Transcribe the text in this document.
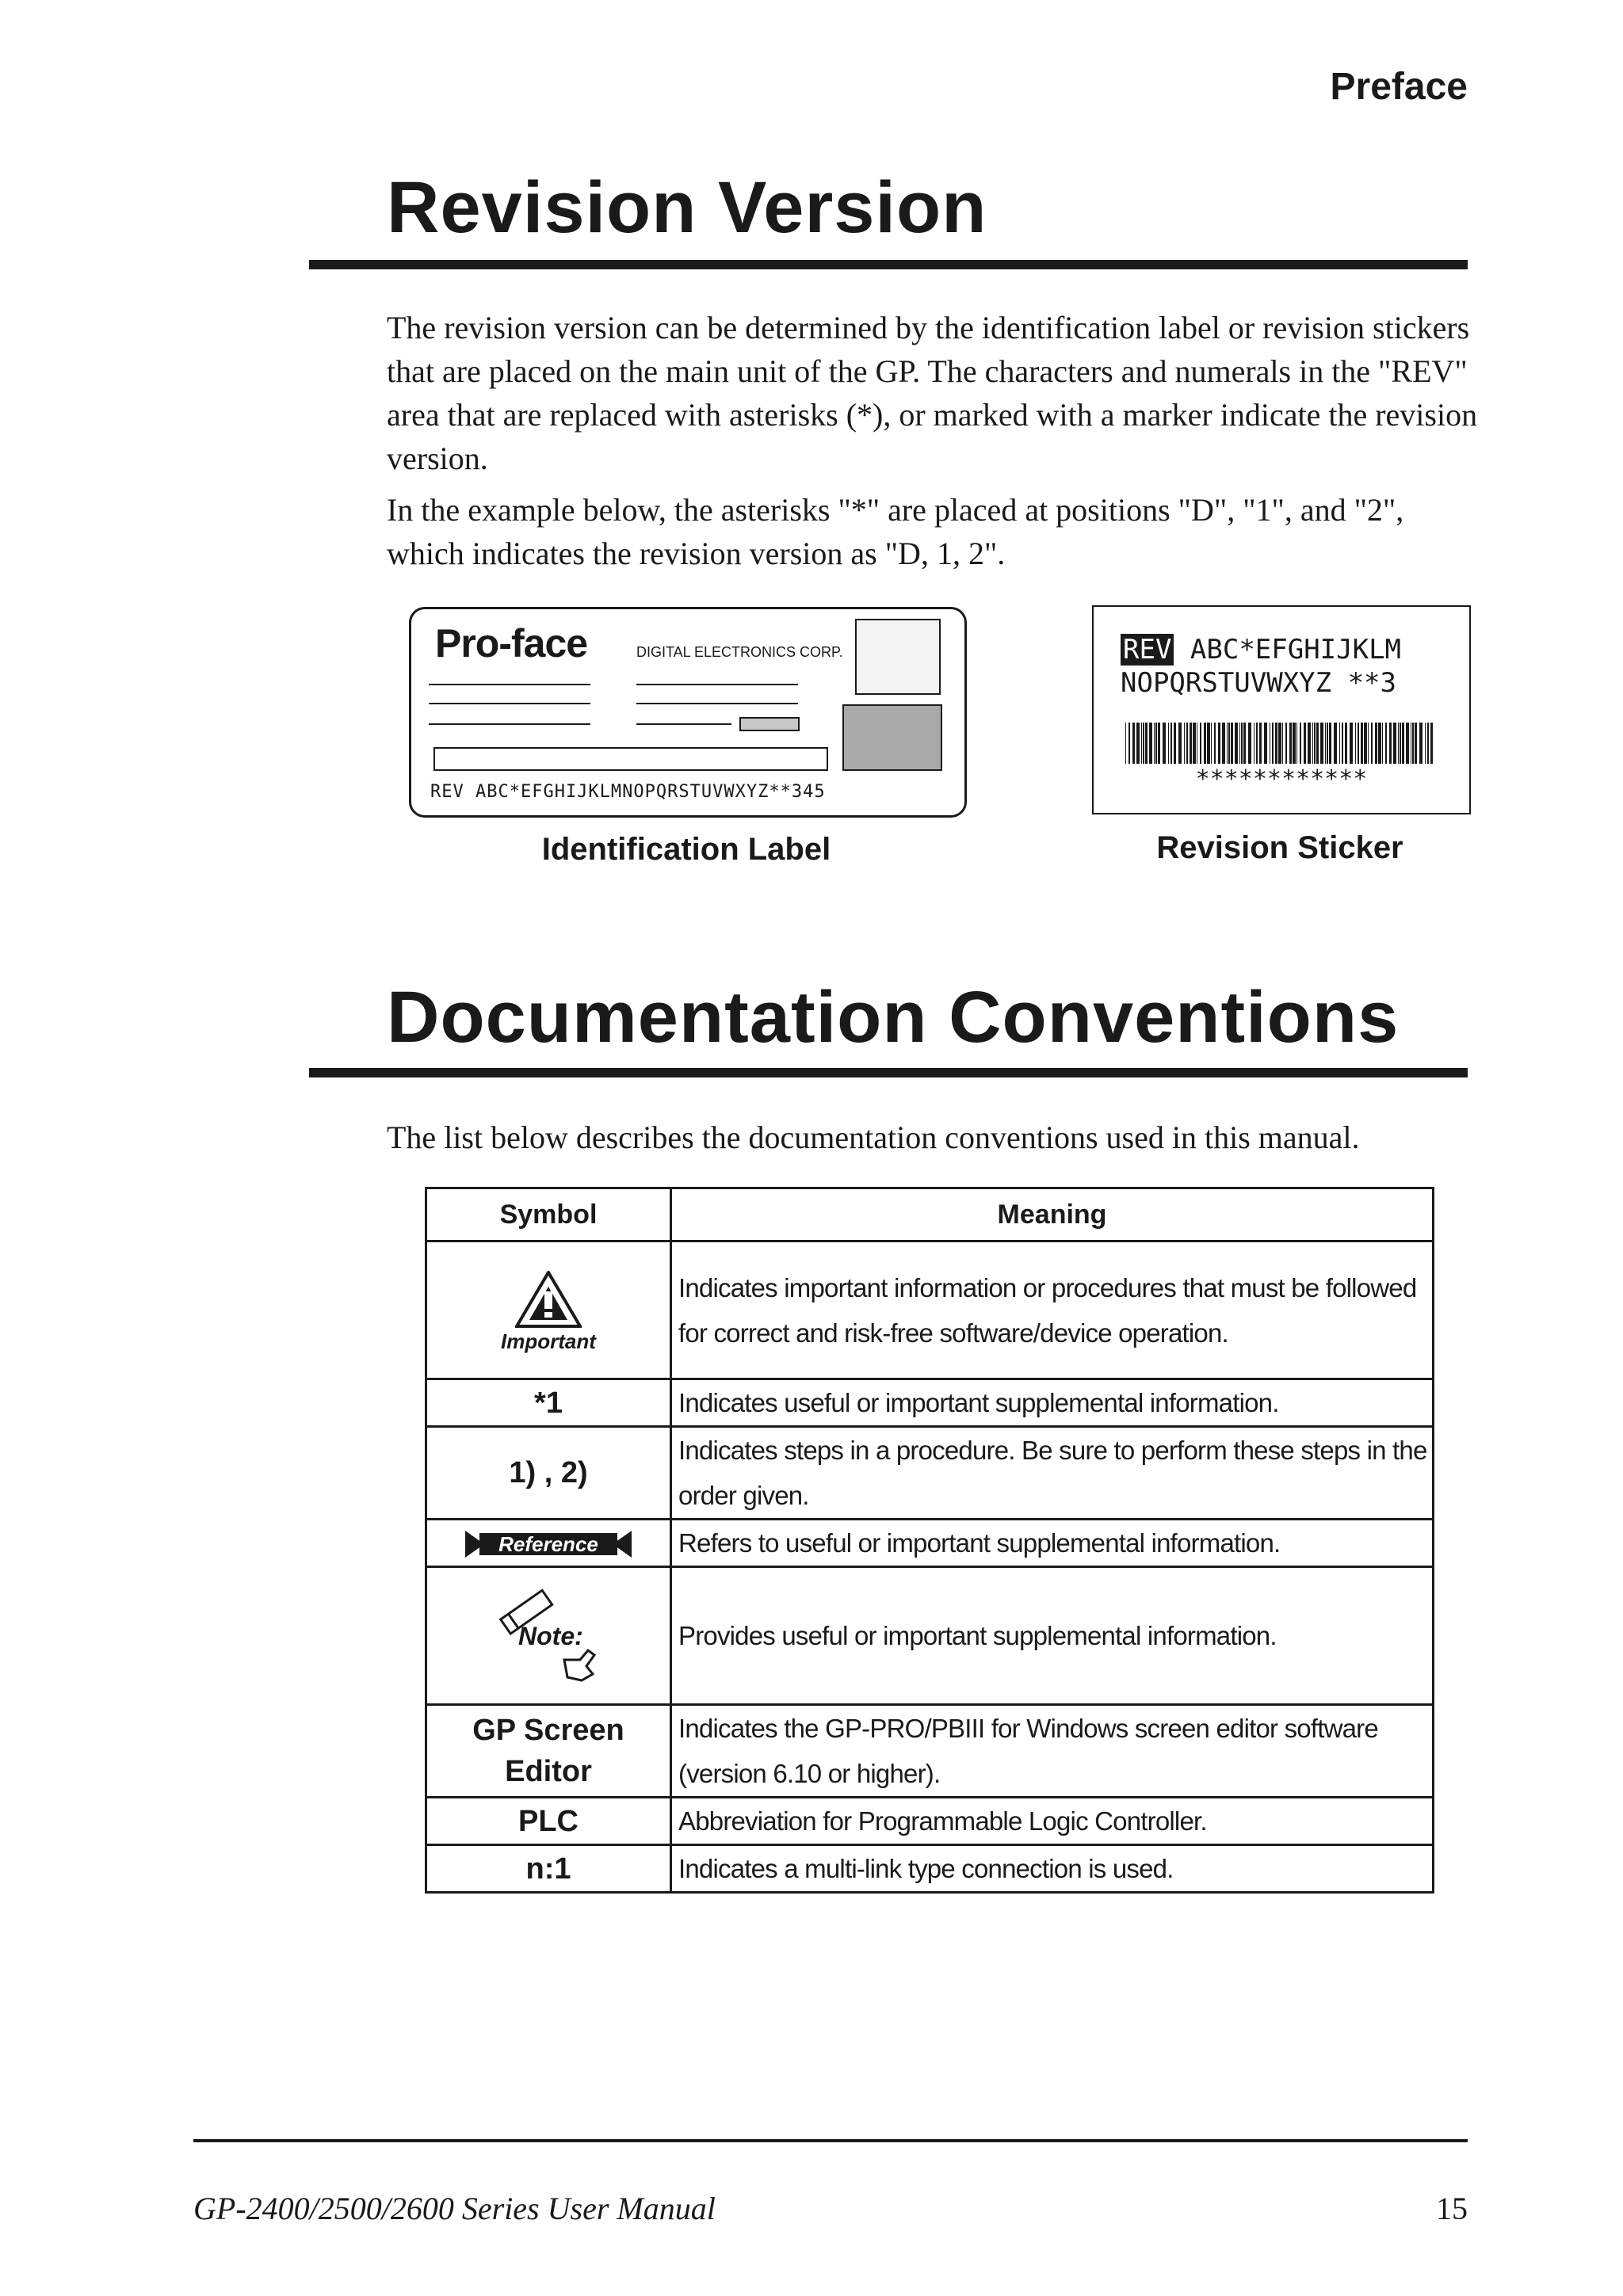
Preface
Revision Version
The revision version can be determined by the identification label or revision stickers that are placed on the main unit of the GP. The characters and numerals in the "REV" area that are replaced with asterisks (*), or marked with a marker indicate the revision version.
In the example below, the asterisks "*" are placed at positions "D", "1", and "2", which indicates the revision version as "D, 1, 2".
Pro-face	DIGITAL ELECTRONICS CORP.
REV ABC*EFGHIJKLMNOPQRSTUVWXYZ**345
Identification Label
REV ABC*EFGHIJKLM
NOPQRSTUVWXYZ **3
************
Revision Sticker
Documentation Conventions
The list below describes the documentation conventions used in this manual.
Symbol	Meaning

Important	Indicates important information or procedures that must be followed for correct and risk-free software/device operation.
*1	Indicates useful or important supplemental information.
1) , 2)	Indicates steps in a procedure. Be sure to perform these steps in the order given.

Reference	Refers to useful or important supplemental information.

Note:	Provides useful or important supplemental information.
GP Screen Editor	Indicates the GP-PRO/PBIII for Windows screen editor software (version 6.10 or higher).
PLC	Abbreviation for Programmable Logic Controller.
n:1	Indicates a multi-link type connection is used.
GP-2400/2500/2600 Series User Manual	15
